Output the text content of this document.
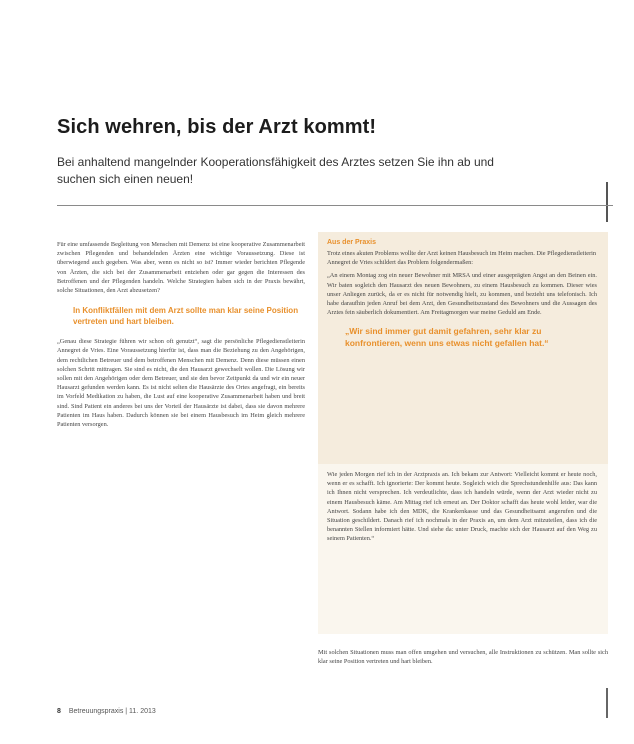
Sich wehren, bis der Arzt kommt!
Bei anhaltend mangelnder Kooperationsfähigkeit des Arztes setzen Sie ihn ab und suchen sich einen neuen!

Für eine umfassende Begleitung von Menschen mit Demenz ist eine kooperative Zusammenarbeit zwischen Pflegenden und behandelnden Ärzten eine wichtige Voraussetzung. Diese ist überwiegend auch gegeben. Was aber, wenn es nicht so ist? Immer wieder berichten Pflegende von Ärzten, die sich bei der Zusammenarbeit entziehen oder gar gegen die Interessen des Betroffenen und der Pflegenden handeln. Welche Strategien haben sich in der Praxis bewährt, solche Situationen, den Arzt abzusetzen?

In Konfliktfällen mit dem Arzt sollte man klar seine Position vertreten und hart bleiben.

„Genau diese Strategie führen wir schon oft genutzt“, sagt die persönliche Pflegedienstleiterin Annegret de Vries. Eine Voraussetzung hierfür ist, dass man die Beziehung zu den Angehörigen, dem rechtlichen Betreuer und dem betroffenen Menschen mit Demenz. Denn diese müssen einen solchen Schritt mittragen. Sie sind es nicht, die den Hausarzt gewechselt wollen. Die Lösung wir sollen mit den Angehörigen oder dem Betreuer, und sie den bevor Zeitpunkt da und wir ein neuer Hausarzt gefunden werden kann. Es ist nicht selten die Hausärzte des Ortes angefragt, ein bereits im Vorfeld Medikation zu haben, die Lust auf eine kooperative Zusammenarbeit haben und breit sind. Sind Patient ein anderes bei uns der Vorteil der Hausärzte ist dabei, dass sie davon mehrere Patienten im Haus haben. Dadurch können sie bei einem Hausbesuch im Heim gleich mehrere Patienten versorgen.

Aus der Praxis

Trotz eines akuten Problems wollte der Arzt keinen Hausbesuch im Heim machen. Die Pflegedienstleiterin Annegret de Vries schildert das Problem folgendermaßen:

„An einem Montag zog ein neuer Bewohner mit MRSA und einer ausgeprägten Angst an den Beinen ein. Wir baten sogleich den Hausarzt des neuen Bewohners, zu einem Hausbesuch zu kommen. Dieser wies unser Anliegen zurück, da er es nicht für notwendig hielt, zu kommen, und bezieht uns telefonisch. Ich habe daraufhin jeden Anruf bei dem Arzt, den Gesundheitszustand des Bewohners und die Aussagen des Arztes fein säuberlich dokumentiert. Am Freitagmorgen war meine Geduld am Ende.

„Wir sind immer gut damit gefahren, sehr klar zu konfrontieren, wenn uns etwas nicht gefallen hat.“

Wie jeden Morgen rief ich in der Arztpraxis an. Ich bekam zur Antwort: Vielleicht kommt er heute noch, wenn er es schafft. Ich ignorierte: Der kommt heute. Sogleich wich die Sprechstundenhilfe aus: Das kann ich Ihnen nicht versprechen. Ich verdeutlichte, dass ich handeln würde, wenn der Arzt wieder nicht zu einem Hausbesuch käme. Am Mittag rief ich erneut an. Der Doktor schafft das heute wohl leider, war die Antwort. Sodann habe ich den MDK, die Krankenkasse und das Gesundheitsamt angerufen und die Situation geschildert. Danach rief ich nochmals in der Praxis an, um dem Arzt mitzuteilen, dass ich die benannten Stellen informiert hätte. Und siehe da: unter Druck, machte sich der Hausarzt auf den Weg zu seinem Patienten.“

Mit solchen Situationen muss man offen umgehen und versuchen, alle Instruktionen zu schützen. Man sollte sich klar seine Position vertreten und hart bleiben.

8 Betreuungspraxis | 11. 2013
